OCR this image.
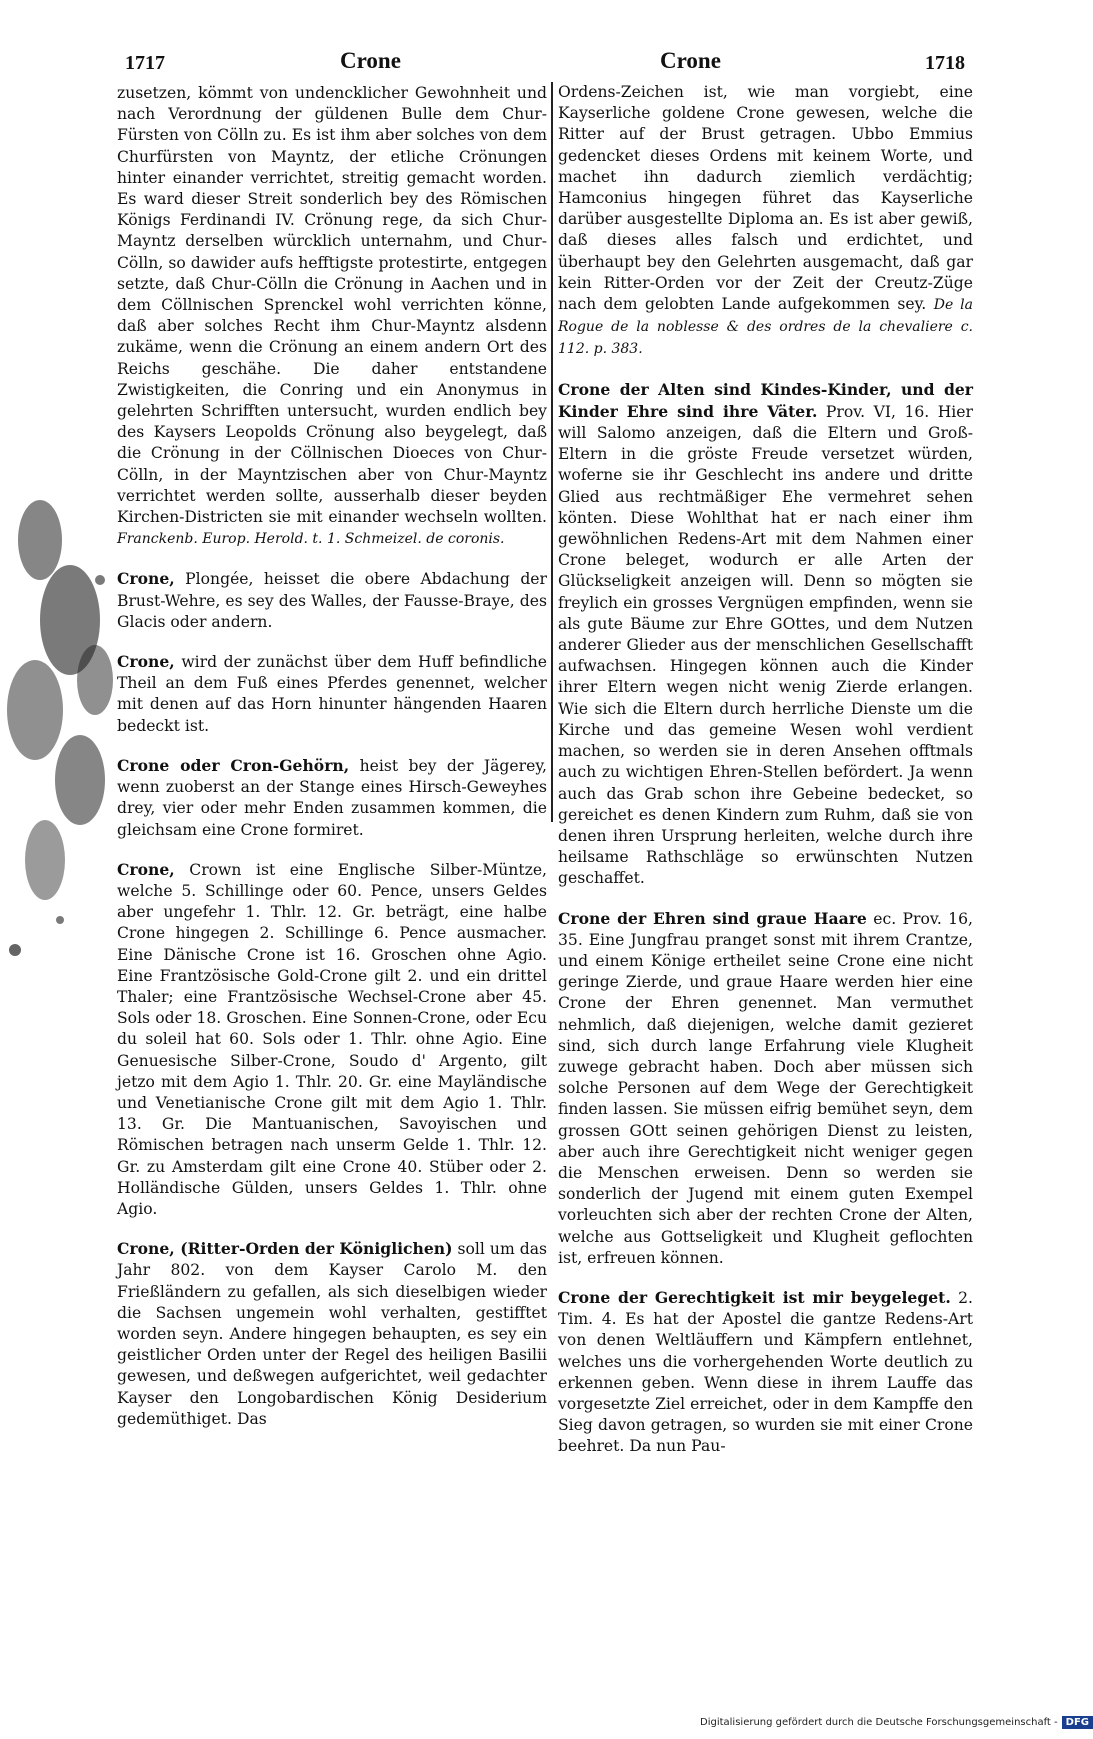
1717	Crone	Crone	1718

zusetzen, kömmt von undencklicher Gewohnheit und nach Verordnung der güldenen Bulle dem Chur-Fürsten von Cölln zu. Es ist ihm aber solches von dem Churfürsten von Mayntz, der etliche Crönungen hinter einander verrichtet, streitig gemacht worden. Es ward dieser Streit sonderlich bey des Römischen Königs Ferdinandi IV. Crönung rege, da sich Chur-Mayntz derselben würcklich unternahm, und Chur-Cölln, so dawider aufs hefftigste protestirte, entgegen setzte, daß Chur-Cölln die Crönung in Aachen und in dem Cöllnischen Sprenckel wohl verrichten könne, daß aber solches Recht ihm Chur-Mayntz alsdenn zukäme, wenn die Crönung an einem andern Ort des Reichs geschähe. Die daher entstandene Zwistigkeiten, die Conring und ein Anonymus in gelehrten Schrifften untersucht, wurden endlich bey des Kaysers Leopolds Crönung also beygelegt, daß die Crönung in der Cöllnischen Dioeces von Chur-Cölln, in der Mayntzischen aber von Chur-Mayntz verrichtet werden sollte, ausserhalb dieser beyden Kirchen-Districten sie mit einander wechseln wollten. Franckenb. Europ. Herold. t. 1. Schmeizel. de coronis.

Crone, Plongée, heisset die obere Abdachung der Brust-Wehre, es sey des Walles, der Fausse-Braye, des Glacis oder andern.

Crone, wird der zunächst über dem Huff befindliche Theil an dem Fuß eines Pferdes genennet, welcher mit denen auf das Horn hinunter hängenden Haaren bedeckt ist.

Crone oder Cron-Gehörn, heist bey der Jägerey, wenn zuoberst an der Stange eines Hirsch-Geweyhes drey, vier oder mehr Enden zusammen kommen, die gleichsam eine Crone formiret.

Crone, Crown ist eine Englische Silber-Müntze, welche 5. Schillinge oder 60. Pence, unsers Geldes aber ungefehr 1. Thlr. 12. Gr. beträgt, eine halbe Crone hingegen 2. Schillinge 6. Pence ausmacher. Eine Dänische Crone ist 16. Groschen ohne Agio. Eine Frantzösische Gold-Crone gilt 2. und ein drittel Thaler; eine Frantzösische Wechsel-Crone aber 45. Sols oder 18. Groschen. Eine Sonnen-Crone, oder Ecu du soleil hat 60. Sols oder 1. Thlr. ohne Agio. Eine Genuesische Silber-Crone, Soudo d' Argento, gilt jetzo mit dem Agio 1. Thlr. 20. Gr. eine Mayländische und Venetianische Crone gilt mit dem Agio 1. Thlr. 13. Gr. Die Mantuanischen, Savoyischen und Römischen betragen nach unserm Gelde 1. Thlr. 12. Gr. zu Amsterdam gilt eine Crone 40. Stüber oder 2. Holländische Gülden, unsers Geldes 1. Thlr. ohne Agio.

Crone, (Ritter-Orden der Königlichen) soll um das Jahr 802. von dem Kayser Carolo M. den Frießländern zu gefallen, als sich dieselbigen wieder die Sachsen ungemein wohl verhalten, gestifftet worden seyn. Andere hingegen behaupten, es sey ein geistlicher Orden unter der Regel des heiligen Basilii gewesen, und deßwegen aufgerichtet, weil gedachter Kayser den Longobardischen König Desiderium gedemüthiget. Das

Ordens-Zeichen ist, wie man vorgiebt, eine Kayserliche goldene Crone gewesen, welche die Ritter auf der Brust getragen. Ubbo Emmius gedencket dieses Ordens mit keinem Worte, und machet ihn dadurch ziemlich verdächtig; Hamconius hingegen führet das Kayserliche darüber ausgestellte Diploma an. Es ist aber gewiß, daß dieses alles falsch und erdichtet, und überhaupt bey den Gelehrten ausgemacht, daß gar kein Ritter-Orden vor der Zeit der Creutz-Züge nach dem gelobten Lande aufgekommen sey. De la Rogue de la noblesse & des ordres de la chevaliere c. 112. p. 383.

Crone der Alten sind Kindes-Kinder, und der Kinder Ehre sind ihre Väter. Prov. VI, 16. Hier will Salomo anzeigen, daß die Eltern und Groß-Eltern in die gröste Freude versetzet würden, woferne sie ihr Geschlecht ins andere und dritte Glied aus rechtmäßiger Ehe vermehret sehen könten. Diese Wohlthat hat er nach einer ihm gewöhnlichen Redens-Art mit dem Nahmen einer Crone beleget, wodurch er alle Arten der Glückseligkeit anzeigen will. Denn so mögten sie freylich ein grosses Vergnügen empfinden, wenn sie als gute Bäume zur Ehre GOttes, und dem Nutzen anderer Glieder aus der menschlichen Gesellschafft aufwachsen. Hingegen können auch die Kinder ihrer Eltern wegen nicht wenig Zierde erlangen. Wie sich die Eltern durch herrliche Dienste um die Kirche und das gemeine Wesen wohl verdient machen, so werden sie in deren Ansehen offtmals auch zu wichtigen Ehren-Stellen befördert. Ja wenn auch das Grab schon ihre Gebeine bedecket, so gereichet es denen Kindern zum Ruhm, daß sie von denen ihren Ursprung herleiten, welche durch ihre heilsame Rathschläge so erwünschten Nutzen geschaffet.

Crone der Ehren sind graue Haare ec. Prov. 16, 35. Eine Jungfrau pranget sonst mit ihrem Crantze, und einem Könige ertheilet seine Crone eine nicht geringe Zierde, und graue Haare werden hier eine Crone der Ehren genennet. Man vermuthet nehmlich, daß diejenigen, welche damit gezieret sind, sich durch lange Erfahrung viele Klugheit zuwege gebracht haben. Doch aber müssen sich solche Personen auf dem Wege der Gerechtigkeit finden lassen. Sie müssen eifrig bemühet seyn, dem grossen GOtt seinen gehörigen Dienst zu leisten, aber auch ihre Gerechtigkeit nicht weniger gegen die Menschen erweisen. Denn so werden sie sonderlich der Jugend mit einem guten Exempel vorleuchten sich aber der rechten Crone der Alten, welche aus Gottseligkeit und Klugheit geflochten ist, erfreuen können.

Crone der Gerechtigkeit ist mir beygeleget. 2. Tim. 4. Es hat der Apostel die gantze Redens-Art von denen Weltläuffern und Kämpfern entlehnet, welches uns die vorhergehenden Worte deutlich zu erkennen geben. Wenn diese in ihrem Lauffe das vorgesetzte Ziel erreichet, oder in dem Kampffe den Sieg davon getragen, so wurden sie mit einer Crone beehret. Da nun Pau-

Digitalisierung gefördert durch die Deutsche Forschungsgemeinschaft - DFG
